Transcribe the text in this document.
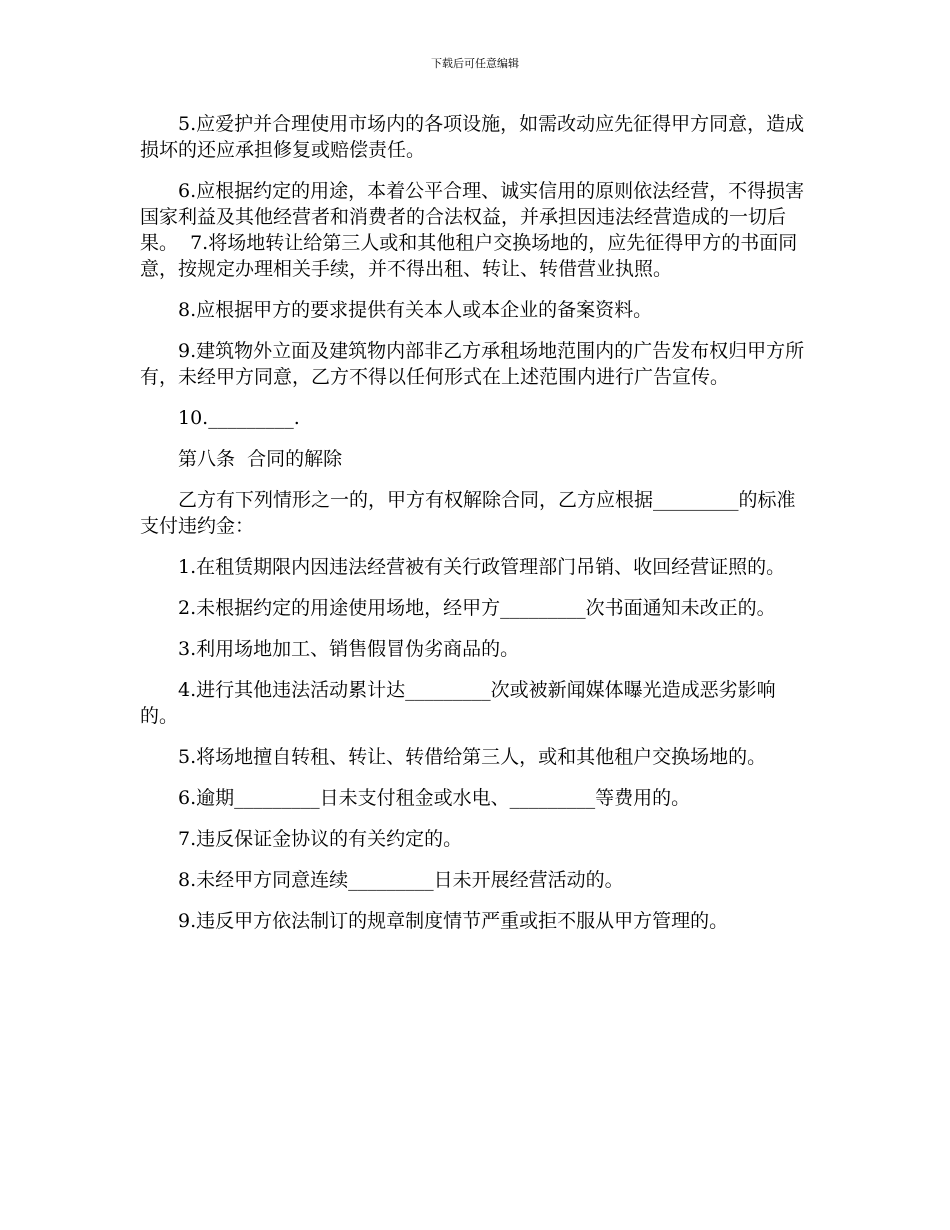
下载后可任意编辑

5.应爱护并合理使用市场内的各项设施，如需改动应先征得甲方同意，造成损坏的还应承担修复或赔偿责任。

6.应根据约定的用途，本着公平合理、诚实信用的原则依法经营，不得损害国家利益及其他经营者和消费者的合法权益，并承担因违法经营造成的一切后果。  7.将场地转让给第三人或和其他租户交换场地的，应先征得甲方的书面同意，按规定办理相关手续，并不得出租、转让、转借营业执照。

8.应根据甲方的要求提供有关本人或本企业的备案资料。

9.建筑物外立面及建筑物内部非乙方承租场地范围内的广告发布权归甲方所有，未经甲方同意，乙方不得以任何形式在上述范围内进行广告宣传。

10._________.

第八条  合同的解除

乙方有下列情形之一的，甲方有权解除合同，乙方应根据_________的标准支付违约金：

1.在租赁期限内因违法经营被有关行政管理部门吊销、收回经营证照的。

2.未根据约定的用途使用场地，经甲方_________次书面通知未改正的。

3.利用场地加工、销售假冒伪劣商品的。

4.进行其他违法活动累计达_________次或被新闻媒体曝光造成恶劣影响的。

5.将场地擅自转租、转让、转借给第三人，或和其他租户交换场地的。

6.逾期_________日未支付租金或水电、_________等费用的。

7.违反保证金协议的有关约定的。

8.未经甲方同意连续_________日未开展经营活动的。

9.违反甲方依法制订的规章制度情节严重或拒不服从甲方管理的。
